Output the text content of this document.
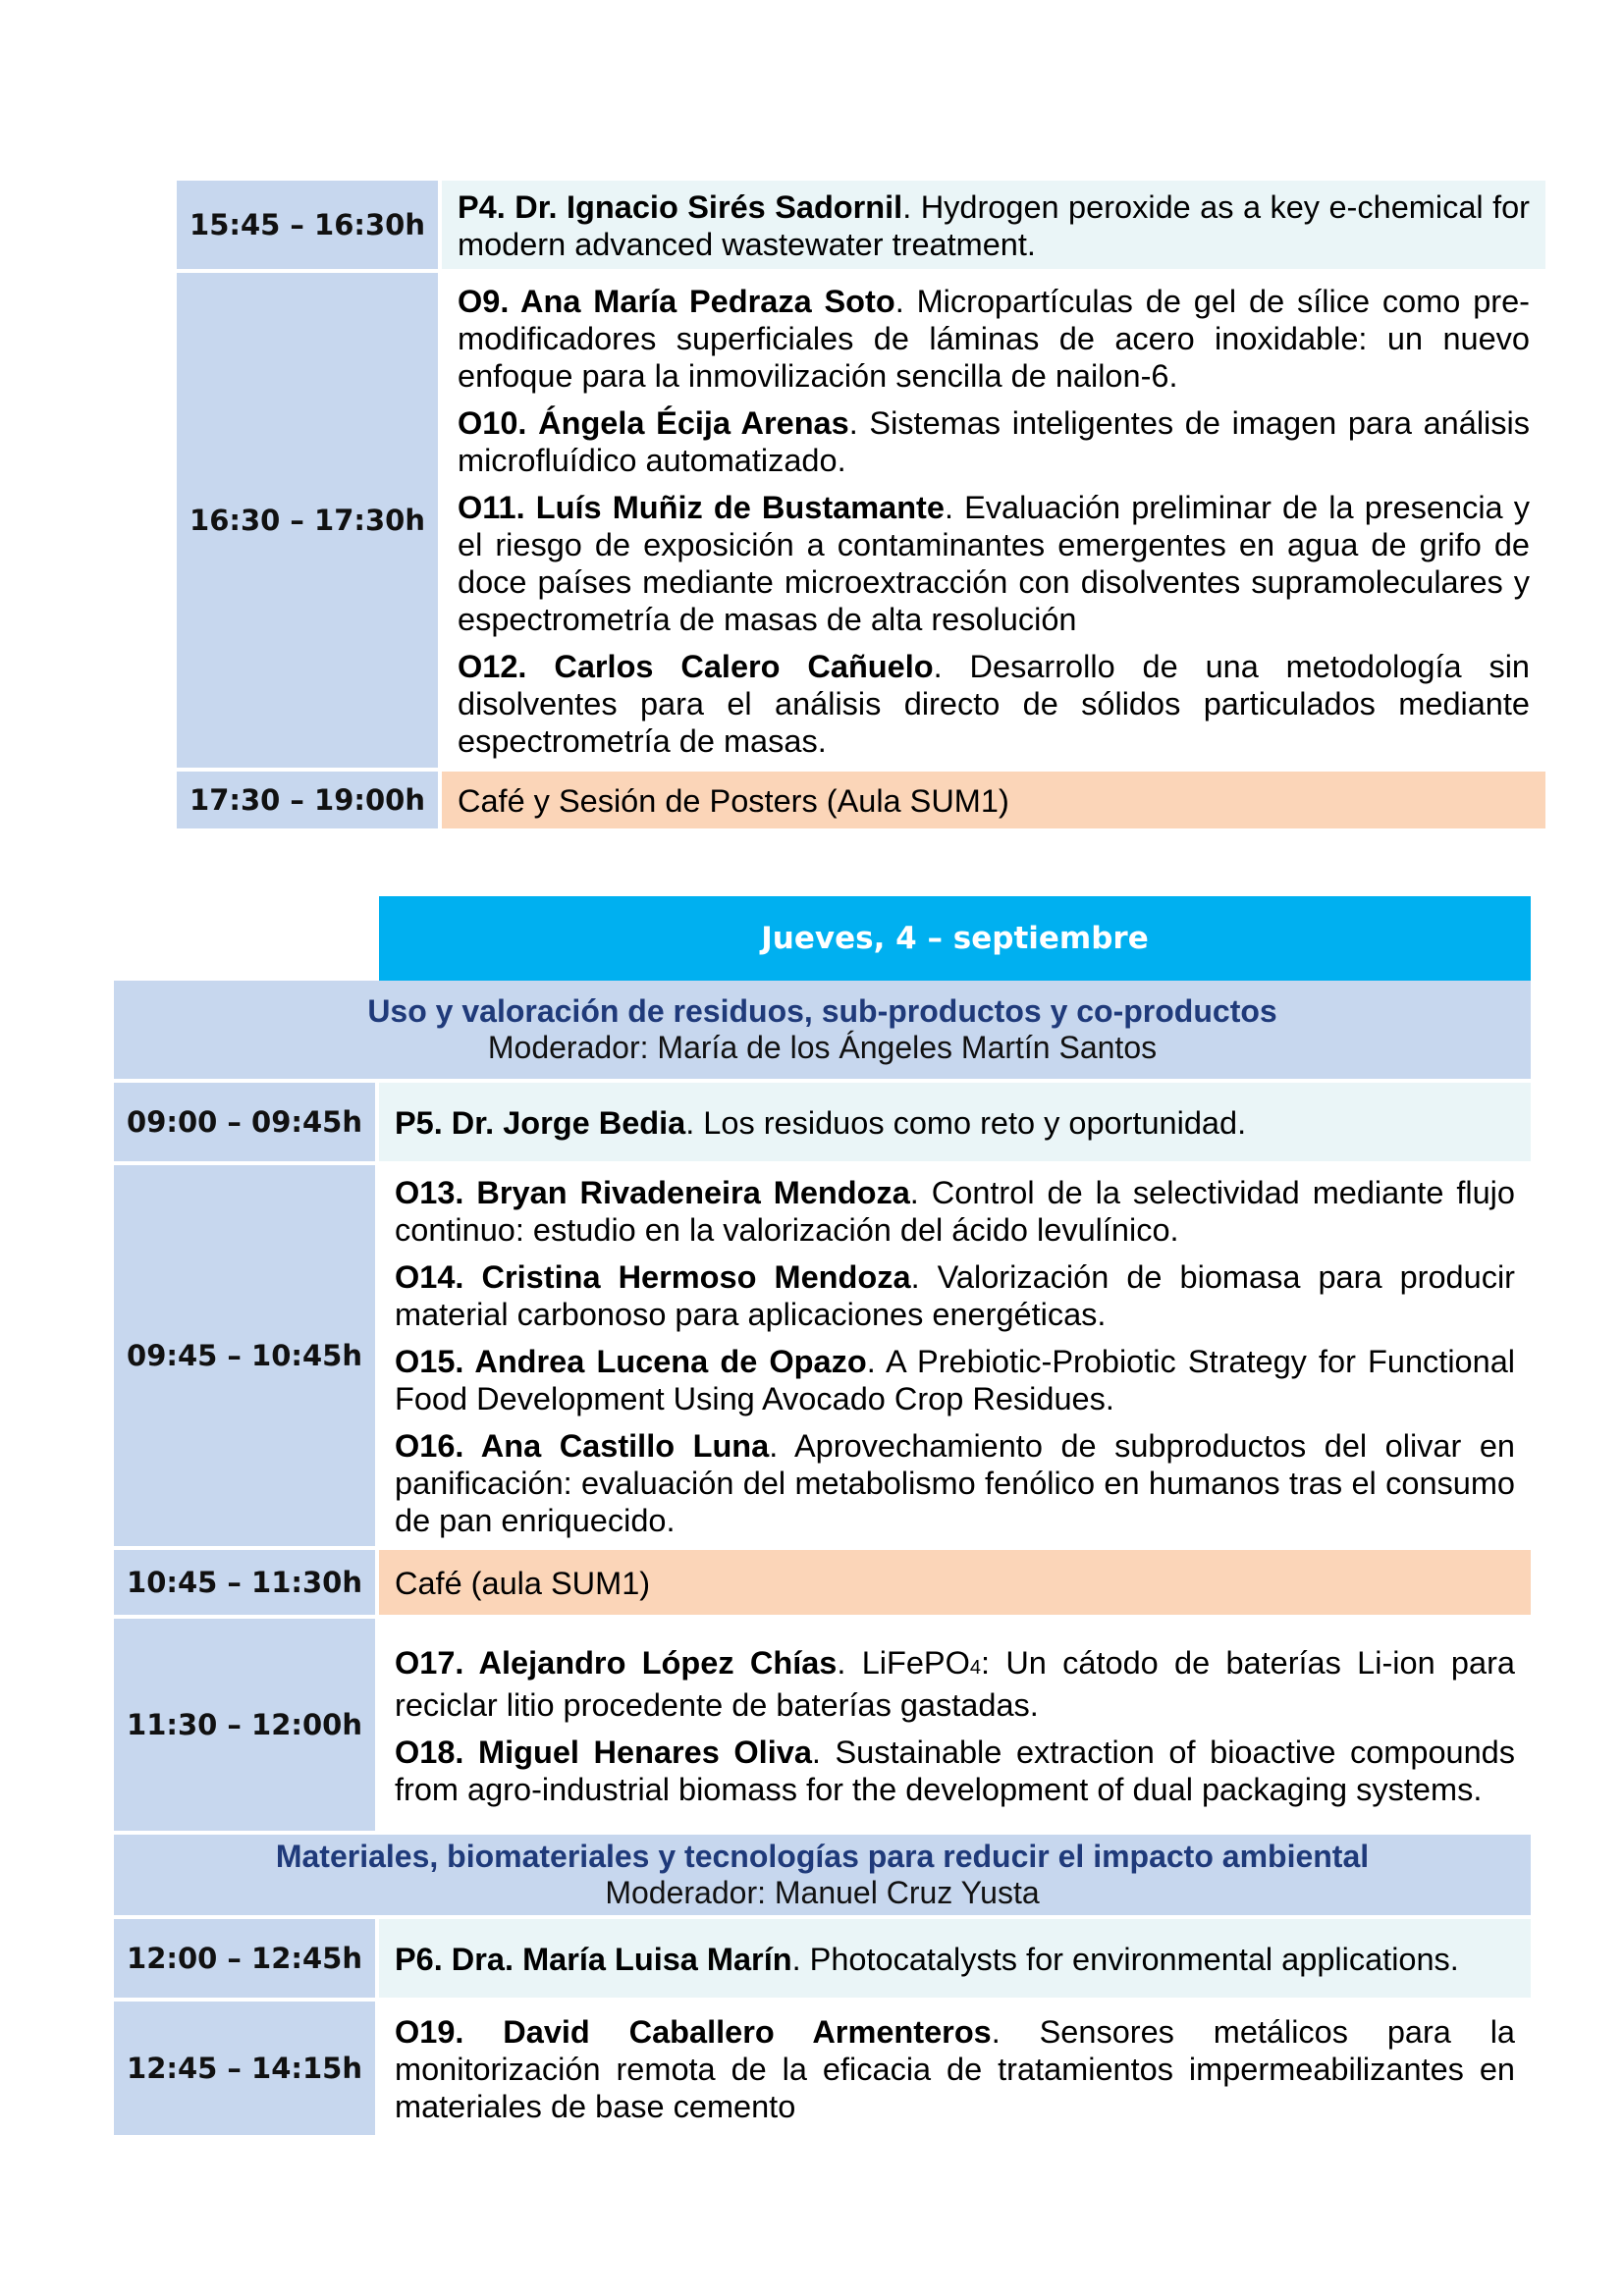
15:45 – 16:30h	P4. Dr. Ignacio Sirés Sadornil. Hydrogen peroxide as a key e-chemical for modern advanced wastewater treatment.

16:30 – 17:30h	O9. Ana María Pedraza Soto. Micropartículas de gel de sílice como pre-modificadores superficiales de láminas de acero inoxidable: un nuevo enfoque para la inmovilización sencilla de nailon-6.
O10. Ángela Écija Arenas. Sistemas inteligentes de imagen para análisis microfluídico automatizado.
O11. Luís Muñiz de Bustamante. Evaluación preliminar de la presencia y el riesgo de exposición a contaminantes emergentes en agua de grifo de doce países mediante microextracción con disolventes supramoleculares y espectrometría de masas de alta resolución
O12. Carlos Calero Cañuelo. Desarrollo de una metodología sin disolventes para el análisis directo de sólidos particulados mediante espectrometría de masas.

17:30 – 19:00h	Café y Sesión de Posters (Aula SUM1)
	Jueves, 4 – septiembre

Uso y valoración de residuos, sub-productos y co-productos
Moderador: María de los Ángeles Martín Santos	

09:00 – 09:45h	P5. Dr. Jorge Bedia. Los residuos como reto y oportunidad.

09:45 – 10:45h	O13. Bryan Rivadeneira Mendoza. Control de la selectividad mediante flujo continuo: estudio en la valorización del ácido levulínico.
O14. Cristina Hermoso Mendoza. Valorización de biomasa para producir material carbonoso para aplicaciones energéticas.
O15. Andrea Lucena de Opazo. A Prebiotic-Probiotic Strategy for Functional Food Development Using Avocado Crop Residues.
O16. Ana Castillo Luna. Aprovechamiento de subproductos del olivar en panificación: evaluación del metabolismo fenólico en humanos tras el consumo de pan enriquecido.

10:45 – 11:30h	Café (aula SUM1)
11:30 – 12:00h	O17. Alejandro López Chías. LiFePO4: Un cátodo de baterías Li-ion para reciclar litio procedente de baterías gastadas.
O18. Miguel Henares Oliva. Sustainable extraction of bioactive compounds from agro-industrial biomass for the development of dual packaging systems.

Materiales, biomateriales y tecnologías para reducir el impacto ambiental
Moderador: Manuel Cruz Yusta	

12:00 – 12:45h	P6. Dra. María Luisa Marín. Photocatalysts for environmental applications.

12:45 – 14:15h	O19. David Caballero Armenteros. Sensores metálicos para la monitorización remota de la eficacia de tratamientos impermeabilizantes en materiales de base cemento
